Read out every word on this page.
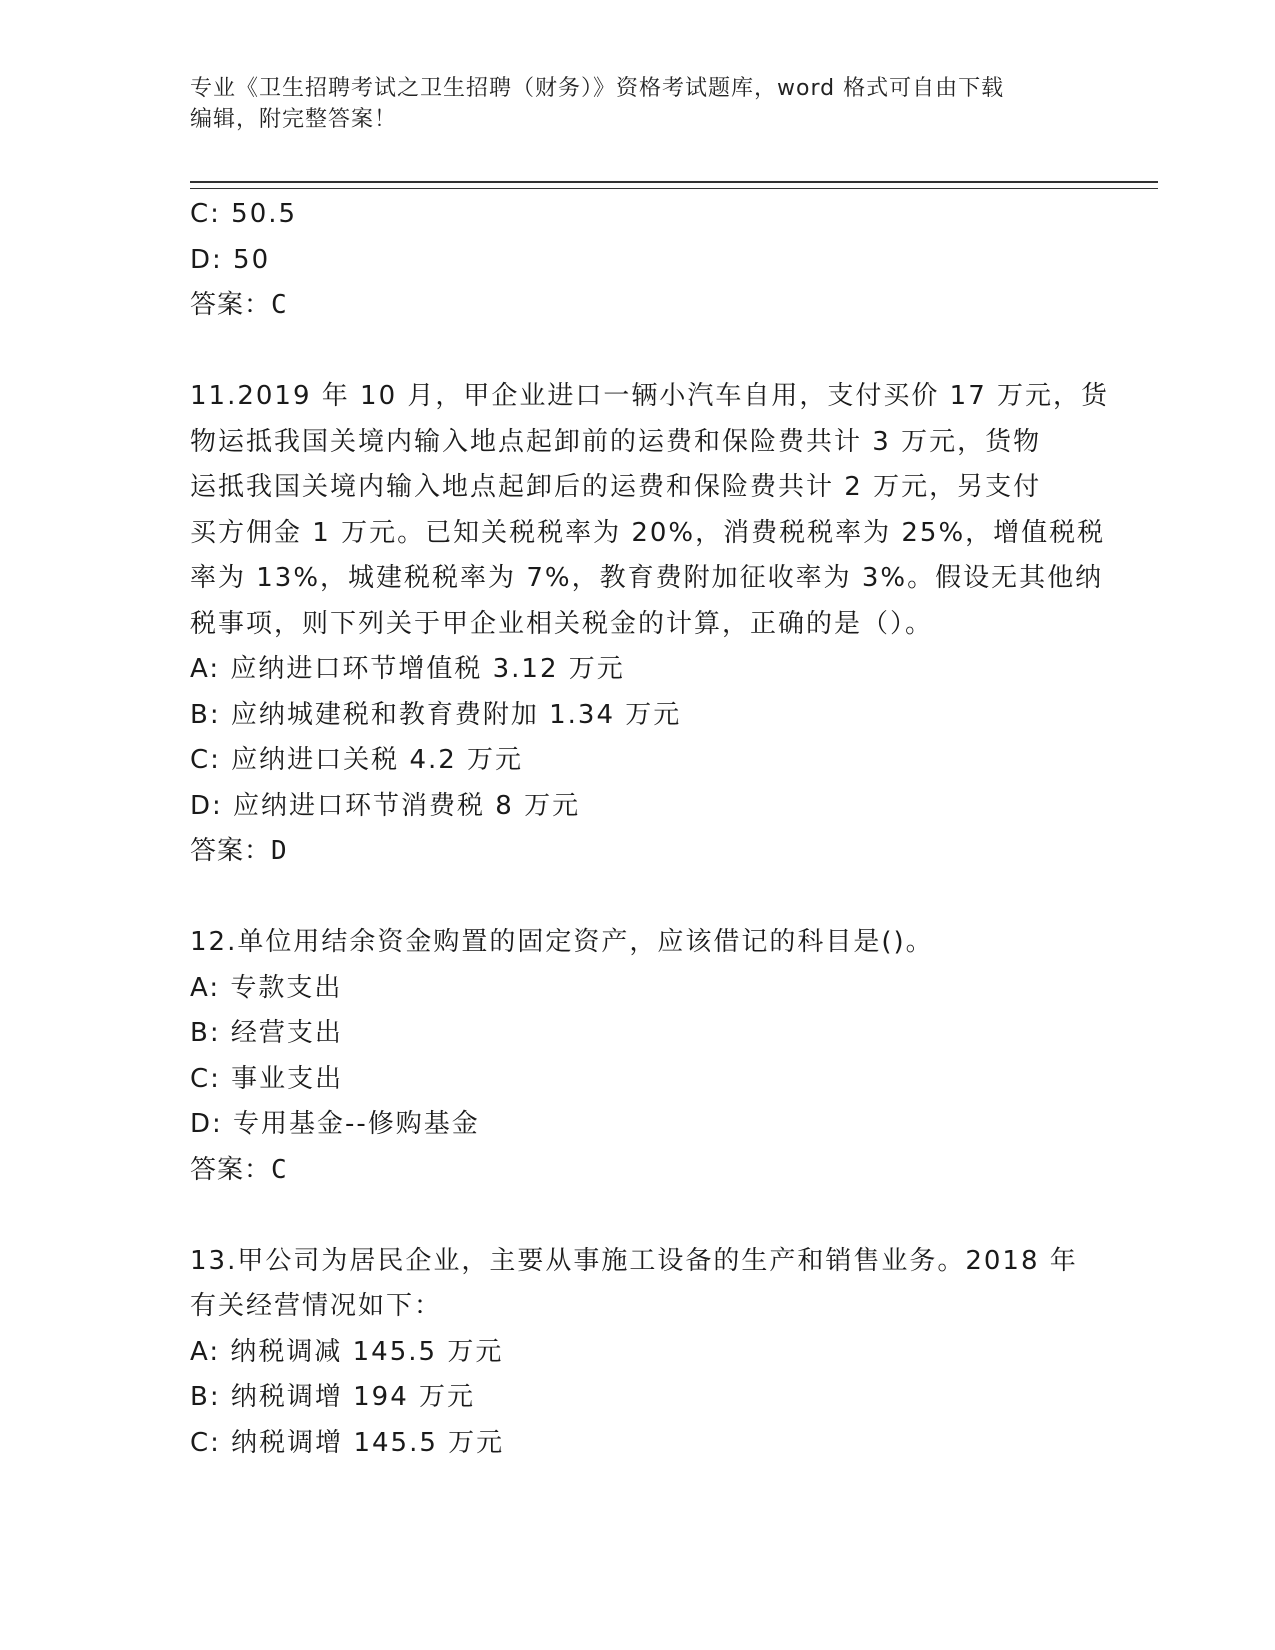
专业《卫生招聘考试之卫生招聘（财务）》资格考试题库，word 格式可自由下载
编辑，附完整答案！
C: 50.5
D: 50
答案：C
11.2019 年 10 月，甲企业进口一辆小汽车自用，支付买价 17 万元，货
物运抵我国关境内输入地点起卸前的运费和保险费共计 3 万元，货物
运抵我国关境内输入地点起卸后的运费和保险费共计 2 万元，另支付
买方佣金 1 万元。已知关税税率为 20%，消费税税率为 25%，增值税税
率为 13%，城建税税率为 7%，教育费附加征收率为 3%。假设无其他纳
税事项，则下列关于甲企业相关税金的计算，正确的是（）。
A: 应纳进口环节增值税 3.12 万元
B: 应纳城建税和教育费附加 1.34 万元
C: 应纳进口关税 4.2 万元
D: 应纳进口环节消费税 8 万元
答案：D
12.单位用结余资金购置的固定资产，应该借记的科目是()。
A: 专款支出
B: 经营支出
C: 事业支出
D: 专用基金--修购基金
答案：C
13.甲公司为居民企业，主要从事施工设备的生产和销售业务。2018 年
有关经营情况如下：
A: 纳税调减 145.5 万元
B: 纳税调增 194 万元
C: 纳税调增 145.5 万元
